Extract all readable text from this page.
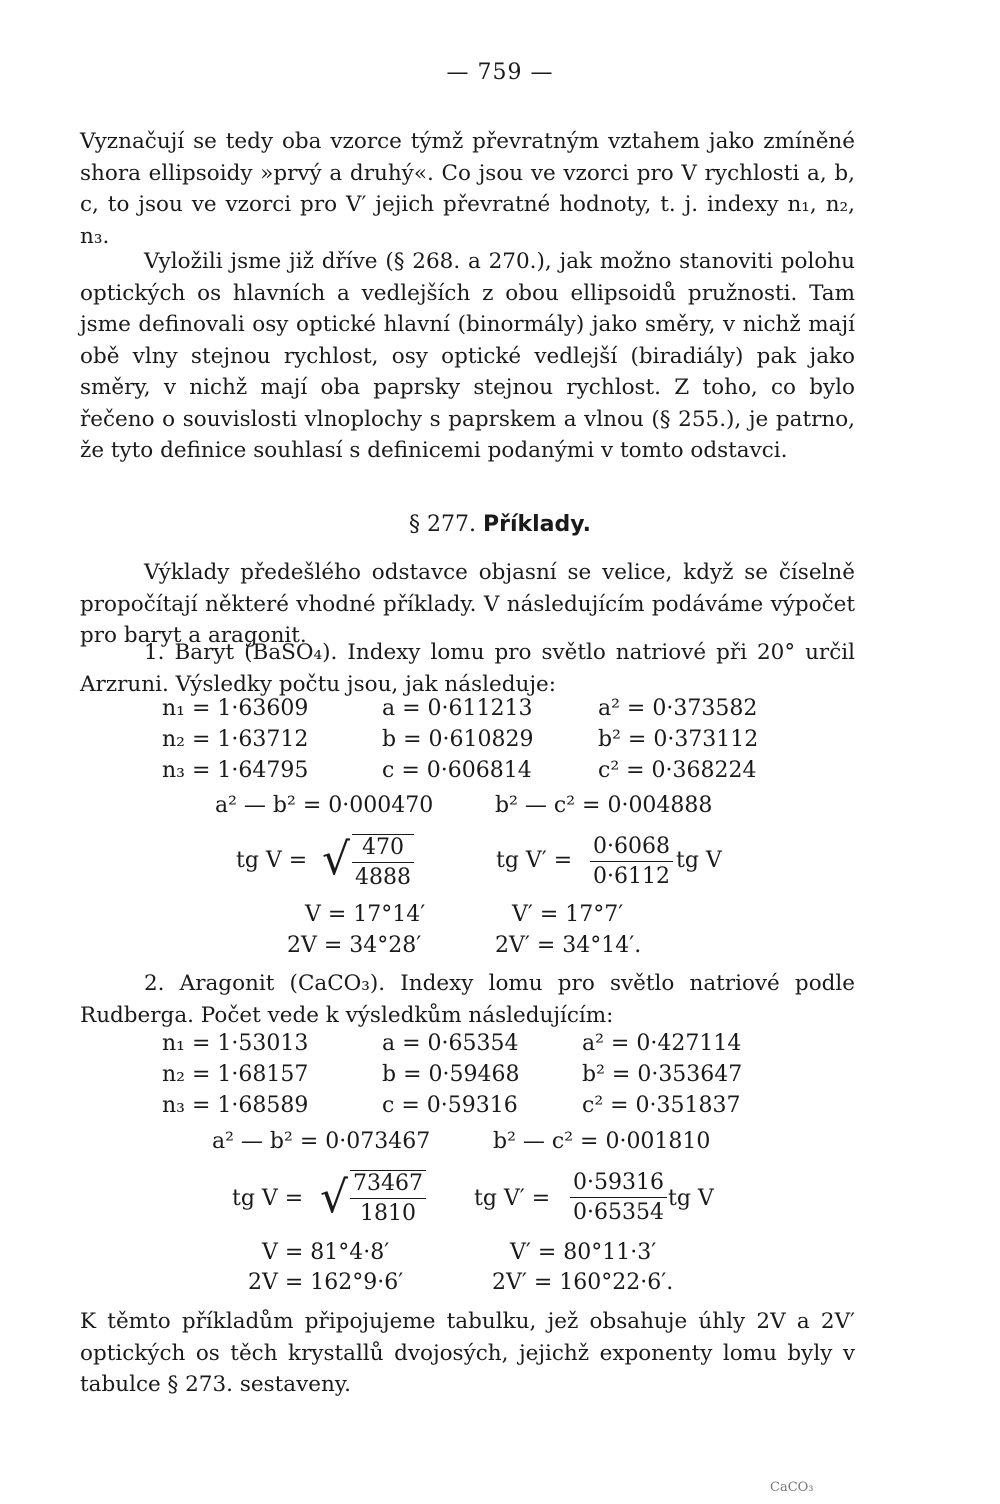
— 759 —

Vyznačují se tedy oba vzorce týmž převratným vztahem jako zmíněné shora ellipsoidy »prvý a druhý«. Co jsou ve vzorci pro V rychlosti a, b, c, to jsou ve vzorci pro V′ jejich převratné hodnoty, t. j. indexy n₁, n₂, n₃.

Vyložili jsme již dříve (§ 268. a 270.), jak možno stanoviti polohu optických os hlavních a vedlejších z obou ellipsoidů pružnosti. Tam jsme definovali osy optické hlavní (binormály) jako směry, v nichž mají obě vlny stejnou rychlost, osy optické vedlejší (biradiály) pak jako směry, v nichž mají oba paprsky stejnou rychlost. Z toho, co bylo řečeno o souvislosti vlnoplochy s paprskem a vlnou (§ 255.), je patrno, že tyto definice souhlasí s definicemi podanými v tomto odstavci.

§ 277. Příklady.

Výklady předešlého odstavce objasní se velice, když se číselně propočítají některé vhodné příklady. V následujícím podáváme výpočet pro baryt a aragonit.

1. Baryt (BaSO₄). Indexy lomu pro světlo natriové při 20° určil Arzruni. Výsledky počtu jsou, jak následuje:

n₁ = 1·63609	a = 0·611213	a² = 0·373582
n₂ = 1·63712	b = 0·610829	b² = 0·373112
n₃ = 1·64795	c = 0·606814	c² = 0·368224
a² — b² = 0·000470	b² — c² = 0·004888
tg V = √ $\frac{470}{4888}$	tg $V' = \frac{0\cdot 6068}{0\cdot 6112}$ tg V
V = 17°14′	V′ = 17°7′
2V = 34°28′	2V′ = 34°14′.

2. Aragonit (CaCO₃). Indexy lomu pro světlo natriové podle Rudberga. Počet vede k výsledkům následujícím:

n₁ = 1·53013	a = 0·65354	a² = 0·427114
n₂ = 1·68157	b = 0·59468	b² = 0·353647
n₃ = 1·68589	c = 0·59316	c² = 0·351837
a² — b² = 0·073467	b² — c² = 0·001810
tg V = √ $\frac{73467}{1810}$ tg $V' = \frac{0\cdot 59316}{0\cdot 65354}$ tg V
V = 81°4·8′	V′ = 80°11·3′
2V = 162°9·6′	2V′ = 160°22·6′.

K těmto příkladům připojujeme tabulku, jež obsahuje úhly 2V a 2V′ optických os těch krystallů dvojosých, jejichž exponenty lomu byly v tabulce § 273. sestaveny.

CaCO₃
